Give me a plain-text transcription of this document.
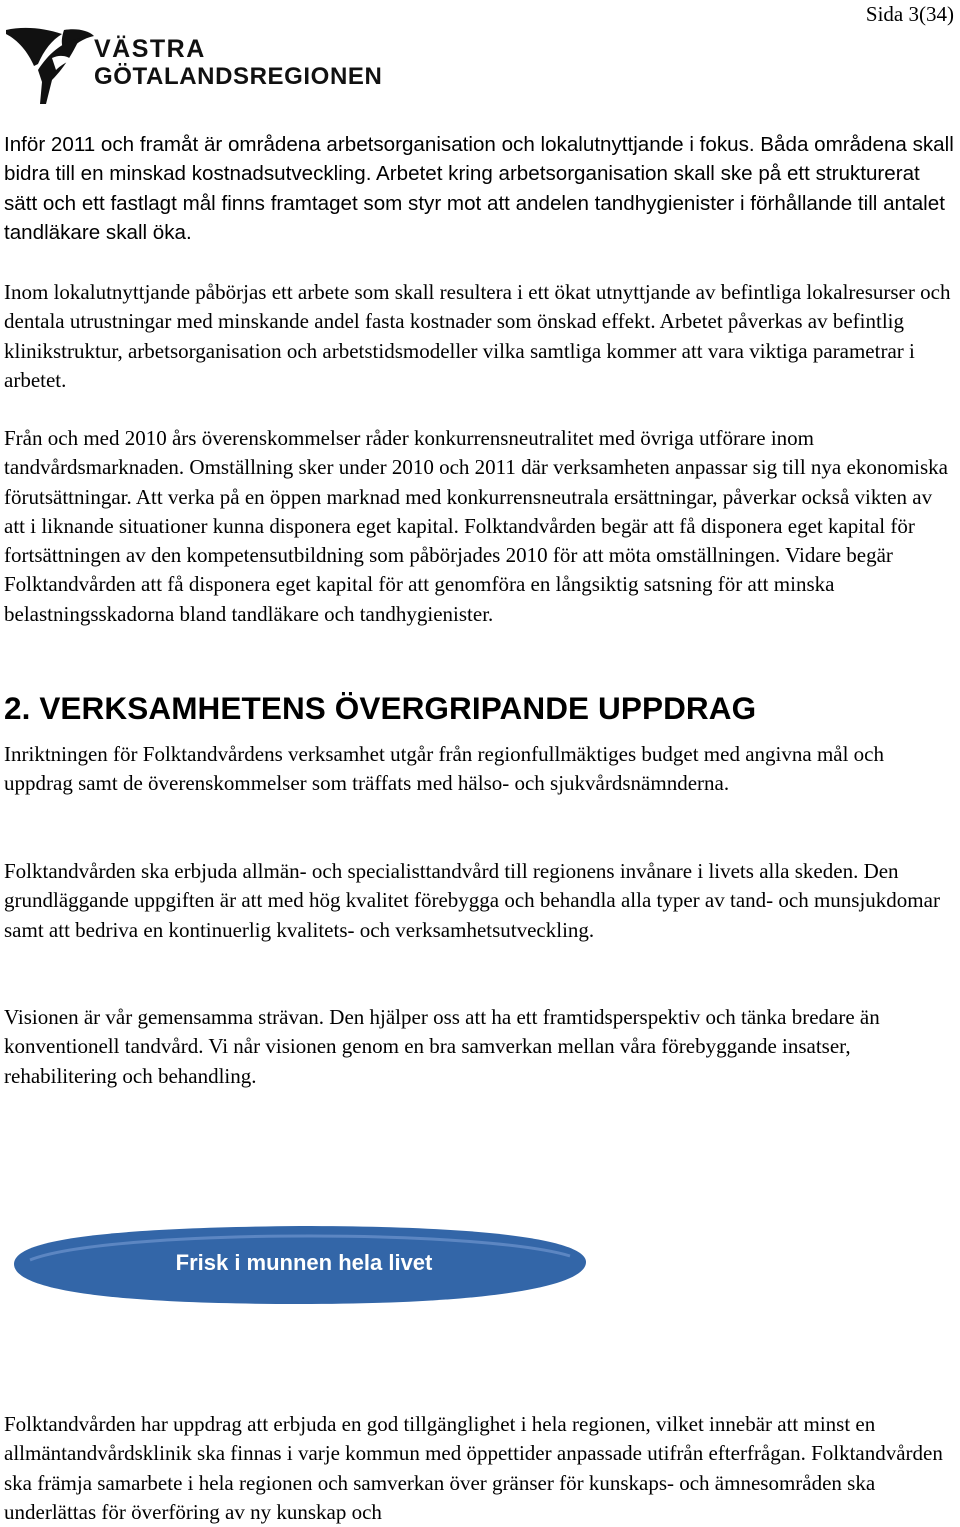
Sida 3(34)
VÄSTRA
GÖTALANDSREGIONEN

Inför 2011 och framåt är områdena arbetsorganisation och lokalutnyttjande i fokus. Båda områdena skall bidra till en minskad kostnadsutveckling. Arbetet kring arbetsorganisation skall ske på ett strukturerat sätt och ett fastlagt mål finns framtaget som styr mot att andelen tandhygienister i förhållande till antalet tandläkare skall öka.

Inom lokalutnyttjande påbörjas ett arbete som skall resultera i ett ökat utnyttjande av befintliga lokalresurser och dentala utrustningar med minskande andel fasta kostnader som önskad effekt. Arbetet påverkas av befintlig klinikstruktur, arbetsorganisation och arbetstidsmodeller vilka samtliga kommer att vara viktiga parametrar i arbetet.

Från och med 2010 års överenskommelser råder konkurrensneutralitet med övriga utförare inom tandvårdsmarknaden. Omställning sker under 2010 och 2011 där verksamheten anpassar sig till nya ekonomiska förutsättningar. Att verka på en öppen marknad med konkurrensneutrala ersättningar, påverkar också vikten av att i liknande situationer kunna disponera eget kapital. Folktandvården begär att få disponera eget kapital för fortsättningen av den kompetensutbildning som påbörjades 2010 för att möta omställningen. Vidare begär Folktandvården att få disponera eget kapital för att genomföra en långsiktig satsning för att minska belastningsskadorna bland tandläkare och tandhygienister.

2. VERKSAMHETENS ÖVERGRIPANDE UPPDRAG

Inriktningen för Folktandvårdens verksamhet utgår från regionfullmäktiges budget med angivna mål och uppdrag samt de överenskommelser som träffats med hälso- och sjukvårdsnämnderna.

Folktandvården ska erbjuda allmän- och specialisttandvård till regionens invånare i livets alla skeden. Den grundläggande uppgiften är att med hög kvalitet förebygga och behandla alla typer av tand- och munsjukdomar samt att bedriva en kontinuerlig kvalitets- och verksamhetsutveckling.

Visionen är vår gemensamma strävan. Den hjälper oss att ha ett framtidsperspektiv och tänka bredare än konventionell tandvård. Vi når visionen genom en bra samverkan mellan våra förebyggande insatser, rehabilitering och behandling.

Frisk i munnen hela livet

Folktandvården har uppdrag att erbjuda en god tillgänglighet i hela regionen, vilket innebär att minst en allmäntandvårdsklinik ska finnas i varje kommun med öppettider anpassade utifrån efterfrågan. Folktandvården ska främja samarbete i hela regionen och samverkan över gränser för kunskaps- och ämnesområden ska underlättas för överföring av ny kunskap och
